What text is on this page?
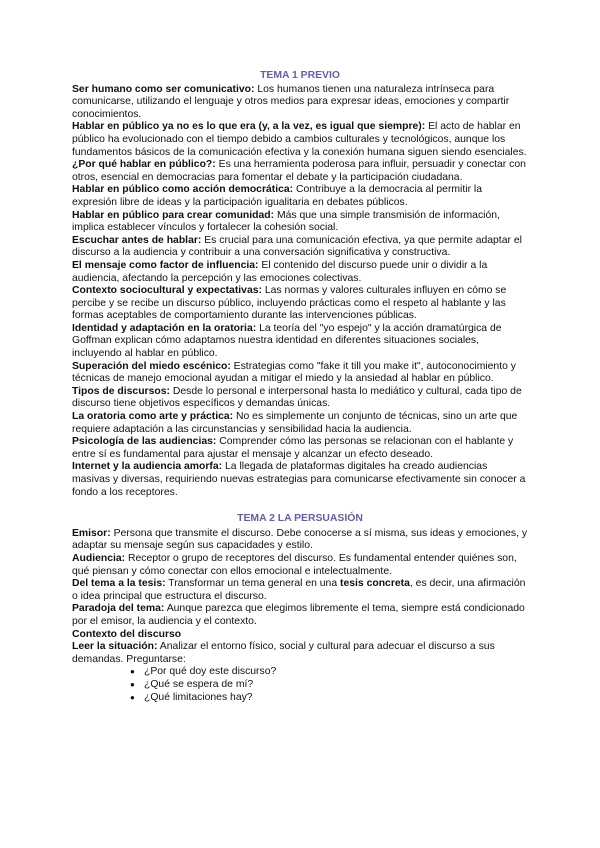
TEMA 1 PREVIO

Ser humano como ser comunicativo: Los humanos tienen una naturaleza intrínseca para comunicarse, utilizando el lenguaje y otros medios para expresar ideas, emociones y compartir conocimientos.

Hablar en público ya no es lo que era (y, a la vez, es igual que siempre): El acto de hablar en público ha evolucionado con el tiempo debido a cambios culturales y tecnológicos, aunque los fundamentos básicos de la comunicación efectiva y la conexión humana siguen siendo esenciales.

¿Por qué hablar en público?: Es una herramienta poderosa para influir, persuadir y conectar con otros, esencial en democracias para fomentar el debate y la participación ciudadana.

Hablar en público como acción democrática: Contribuye a la democracia al permitir la expresión libre de ideas y la participación igualitaria en debates públicos.

Hablar en público para crear comunidad: Más que una simple transmisión de información, implica establecer vínculos y fortalecer la cohesión social.

Escuchar antes de hablar: Es crucial para una comunicación efectiva, ya que permite adaptar el discurso a la audiencia y contribuir a una conversación significativa y constructiva.

El mensaje como factor de influencia: El contenido del discurso puede unir o dividir a la audiencia, afectando la percepción y las emociones colectivas.

Contexto sociocultural y expectativas: Las normas y valores culturales influyen en cómo se percibe y se recibe un discurso público, incluyendo prácticas como el respeto al hablante y las formas aceptables de comportamiento durante las intervenciones públicas.

Identidad y adaptación en la oratoria: La teoría del "yo espejo" y la acción dramatúrgica de Goffman explican cómo adaptamos nuestra identidad en diferentes situaciones sociales, incluyendo al hablar en público.

Superación del miedo escénico: Estrategias como "fake it till you make it", autoconocimiento y técnicas de manejo emocional ayudan a mitigar el miedo y la ansiedad al hablar en público.

Tipos de discursos: Desde lo personal e interpersonal hasta lo mediático y cultural, cada tipo de discurso tiene objetivos específicos y demandas únicas.

La oratoria como arte y práctica: No es simplemente un conjunto de técnicas, sino un arte que requiere adaptación a las circunstancias y sensibilidad hacia la audiencia.

Psicología de las audiencias: Comprender cómo las personas se relacionan con el hablante y entre sí es fundamental para ajustar el mensaje y alcanzar un efecto deseado.

Internet y la audiencia amorfa: La llegada de plataformas digitales ha creado audiencias masivas y diversas, requiriendo nuevas estrategias para comunicarse efectivamente sin conocer a fondo a los receptores.

TEMA 2 LA PERSUASIÓN

Emisor: Persona que transmite el discurso. Debe conocerse a sí misma, sus ideas y emociones, y adaptar su mensaje según sus capacidades y estilo.

Audiencia: Receptor o grupo de receptores del discurso. Es fundamental entender quiénes son, qué piensan y cómo conectar con ellos emocional e intelectualmente.

Del tema a la tesis: Transformar un tema general en una tesis concreta, es decir, una afirmación o idea principal que estructura el discurso.

Paradoja del tema: Aunque parezca que elegimos libremente el tema, siempre está condicionado por el emisor, la audiencia y el contexto.

Contexto del discurso

Leer la situación: Analizar el entorno físico, social y cultural para adecuar el discurso a sus demandas. Preguntarse:

● ¿Por qué doy este discurso?
● ¿Qué se espera de mí?
● ¿Qué limitaciones hay?
